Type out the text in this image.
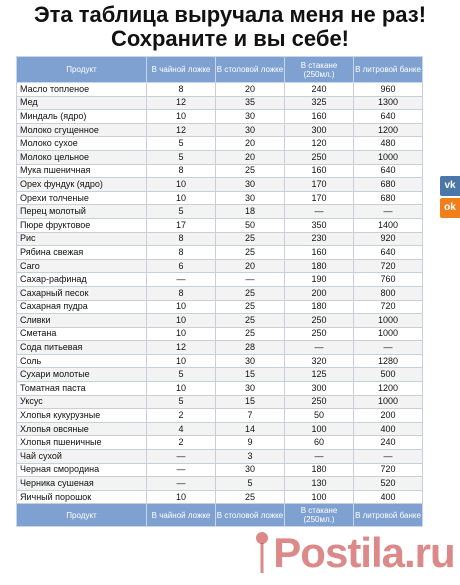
Эта таблица выручала меня не раз!
Сохраните и вы себе!
Продукт	В чайной ложке	В столовой ложке	В стакане (250мл.)	В литровой банке
Масло топленое	8	20	240	960
Мед	12	35	325	1300
Миндаль (ядро)	10	30	160	640
Молоко сгущенное	12	30	300	1200
Молоко сухое	5	20	120	480
Молоко цельное	5	20	250	1000
Мука пшеничная	8	25	160	640
Орех фундук (ядро)	10	30	170	680
Орехи толченые	10	30	170	680
Перец молотый	5	18	—	—
Пюре фруктовое	17	50	350	1400
Рис	8	25	230	920
Рябина свежая	8	25	160	640
Саго	6	20	180	720
Сахар-рафинад	—	—	190	760
Сахарный песок	8	25	200	800
Сахарная пудра	10	25	180	720
Сливки	10	25	250	1000
Сметана	10	25	250	1000
Сода питьевая	12	28	—	—
Соль	10	30	320	1280
Сухари молотые	5	15	125	500
Томатная паста	10	30	300	1200
Уксус	5	15	250	1000
Хлопья кукурузные	2	7	50	200
Хлопья овсяные	4	14	100	400
Хлопья пшеничные	2	9	60	240
Чай сухой	—	3	—	—
Черная смородина	—	30	180	720
Черника сушеная	—	5	130	520
Яичный порошок	10	25	100	400
Продукт	В чайной ложке	В столовой ложке	В стакане (250мл.)	В литровой банке
vk
ok
Postila.ru
